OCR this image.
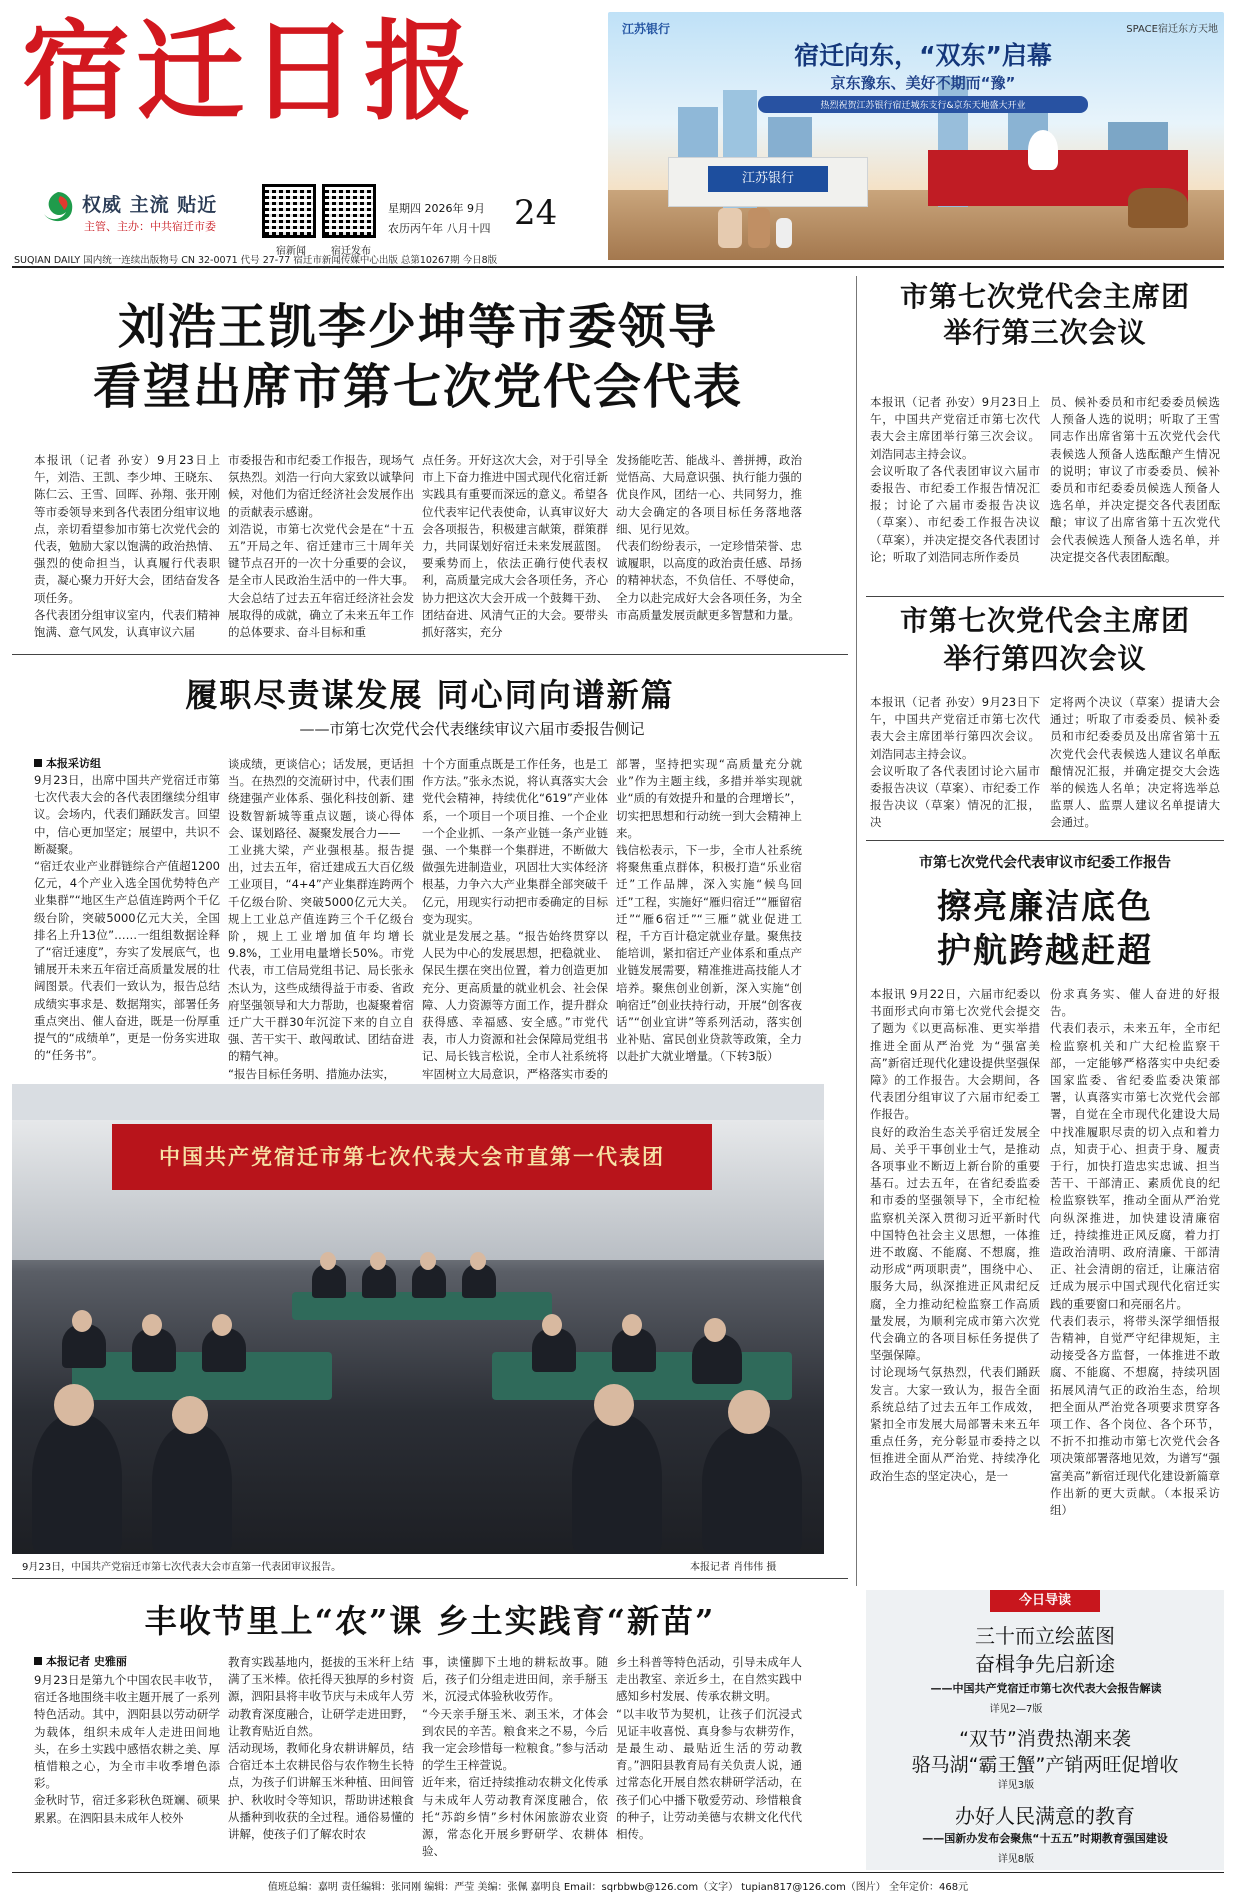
宿迁日报
权威 主流 贴近
主管、主办：中共宿迁市委
宿新闻	宿迁发布
星期四 2026年 9月
农历丙午年 八月十四 24
SUQIAN DAILY 国内统一连续出版物号 CN 32-0071 代号 27-77 宿迁市新闻传媒中心出版 总第10267期 今日8版
江苏银行
江苏银行	SPACE宿迁东方天地
宿迁向东，“双东”启幕
京东豫东、美好不期而“豫”
热烈祝贺江苏银行宿迁城东支行&京东天地盛大开业
刘浩王凯李少坤等市委领导
看望出席市第七次党代会代表
本报讯（记者 孙安）9月23日上午，刘浩、王凯、李少坤、王晓东、陈仁云、王雪、回晖、孙翔、张开刚等市委领导来到各代表团分组审议地点，亲切看望参加市第七次党代会的代表，勉励大家以饱满的政治热情、强烈的使命担当，认真履行代表职责，凝心聚力开好大会，团结奋发各项任务。
各代表团分组审议室内，代表们精神饱满、意气风发，认真审议六届
市委报告和市纪委工作报告，现场气氛热烈。刘浩一行向大家致以诚挚问候，对他们为宿迁经济社会发展作出的贡献表示感谢。
刘浩说，市第七次党代会是在“十五五”开局之年、宿迁建市三十周年关键节点召开的一次十分重要的会议，是全市人民政治生活中的一件大事。大会总结了过去五年宿迁经济社会发展取得的成就，确立了未来五年工作的总体要求、奋斗目标和重
点任务。开好这次大会，对于引导全市上下奋力推进中国式现代化宿迁新实践具有重要而深远的意义。希望各位代表牢记代表使命，认真审议好大会各项报告，积极建言献策，群策群力，共同谋划好宿迁未来发展蓝图。要乘势而上，依法正确行使代表权利，高质量完成大会各项任务，齐心协力把这次大会开成一个鼓舞干劲、团结奋进、风清气正的大会。要带头抓好落实，充分
发扬能吃苦、能战斗、善拼搏，政治觉悟高、大局意识强、执行能力强的优良作风，团结一心、共同努力，推动大会确定的各项目标任务落地落细、见行见效。
代表们纷纷表示，一定珍惜荣誉、忠诚履职，以高度的政治责任感、昂扬的精神状态，不负信任、不辱使命，全力以赴完成好大会各项任务，为全市高质量发展贡献更多智慧和力量。
市第七次党代会主席团
举行第三次会议
本报讯（记者 孙安）9月23日上午，中国共产党宿迁市第七次代表大会主席团举行第三次会议。刘浩同志主持会议。
会议听取了各代表团审议六届市委报告、市纪委工作报告情况汇报；讨论了六届市委报告决议（草案）、市纪委工作报告决议（草案），并决定提交各代表团讨论；听取了刘浩同志所作委员
员、候补委员和市纪委委员候选人预备人选的说明；听取了王雪同志作出席省第十五次党代会代表候选人预备人选酝酿产生情况的说明；审议了市委委员、候补委员和市纪委委员候选人预备人选名单，并决定提交各代表团酝酿；审议了出席省第十五次党代会代表候选人预备人选名单，并决定提交各代表团酝酿。
市第七次党代会主席团
举行第四次会议
本报讯（记者 孙安）9月23日下午，中国共产党宿迁市第七次代表大会主席团举行第四次会议。刘浩同志主持会议。
会议听取了各代表团讨论六届市委报告决议（草案）、市纪委工作报告决议（草案）情况的汇报，决
定将两个决议（草案）提请大会通过；听取了市委委员、候补委员和市纪委委员及出席省第十五次党代会代表候选人建议名单酝酿情况汇报，并确定提交大会选举的候选人名单；决定将选举总监票人、监票人建议名单提请大会通过。
市第七次党代会代表审议市纪委工作报告
擦亮廉洁底色
护航跨越赶超
本报讯 9月22日，六届市纪委以书面形式向市第七次党代会提交了题为《以更高标准、更实举措推进全面从严治党 为“强富美高”新宿迁现代化建设提供坚强保障》的工作报告。大会期间，各代表团分组审议了六届市纪委工作报告。
良好的政治生态关乎宿迁发展全局、关乎干事创业士气，是推动各项事业不断迈上新台阶的重要基石。过去五年，在省纪委监委和市委的坚强领导下，全市纪检监察机关深入贯彻习近平新时代中国特色社会主义思想，一体推进不敢腐、不能腐、不想腐，推动形成“两项职责”，围绕中心、服务大局，纵深推进正风肃纪反腐，全力推动纪检监察工作高质量发展，为顺利完成市第六次党代会确立的各项目标任务提供了坚强保障。
讨论现场气氛热烈，代表们踊跃发言。大家一致认为，报告全面系统总结了过去五年工作成效，紧扣全市发展大局部署未来五年重点任务，充分彰显市委持之以恒推进全面从严治党、持续净化政治生态的坚定决心，是一
份求真务实、催人奋进的好报告。
代表们表示，未来五年，全市纪检监察机关和广大纪检监察干部，一定能够严格落实中央纪委国家监委、省纪委监委决策部署，认真落实市第七次党代会部署，自觉在全市现代化建设大局中找准履职尽责的切入点和着力点，知责于心、担责于身、履责于行，加快打造忠实忠诚、担当苦干、干部清正、素质优良的纪检监察铁军，推动全面从严治党向纵深推进，加快建设清廉宿迁，持续推进正风反腐，着力打造政治清明、政府清廉、干部清正、社会清朗的宿迁，让廉洁宿迁成为展示中国式现代化宿迁实践的重要窗口和亮丽名片。
代表们表示，将带头深学细悟报告精神，自觉严守纪律规矩，主动接受各方监督，一体推进不敢腐、不能腐、不想腐，持续巩固拓展风清气正的政治生态，给坝把全面从严治党各项要求贯穿各项工作、各个岗位、各个环节，不折不扣推动市第七次党代会各项决策部署落地见效，为谱写“强富美高”新宿迁现代化建设新篇章作出新的更大贡献。（本报采访组）
履职尽责谋发展 同心同向谱新篇
——市第七次党代会代表继续审议六届市委报告侧记
本报采访组
9月23日，出席中国共产党宿迁市第七次代表大会的各代表团继续分组审议。会场内，代表们踊跃发言。回望中，信心更加坚定；展望中，共识不断凝聚。
“宿迁农业产业群链综合产值超1200亿元，4个产业入选全国优势特色产业集群”“地区生产总值连跨两个千亿级台阶，突破5000亿元大关，全国排名上升13位”……一组组数据诠释了“宿迁速度”，夯实了发展底气，也铺展开未来五年宿迁高质量发展的壮阔图景。代表们一致认为，报告总结成绩实事求是、数据翔实，部署任务重点突出、催人奋进，既是一份厚重提气的“成绩单”，更是一份务实进取的“任务书”。
谈成绩，更谈信心；话发展，更话担当。在热烈的交流研讨中，代表们围绕建强产业体系、强化科技创新、建设数智新城等重点议题，谈心得体会、谋划路径、凝聚发展合力——
工业挑大梁，产业强根基。报告提出，过去五年，宿迁建成五大百亿级工业项目，“4+4”产业集群连跨两个千亿级台阶、突破5000亿元大关。规上工业总产值连跨三个千亿级台阶，规上工业增加值年均增长9.8%，工业用电量增长50%。市党代表，市工信局党组书记、局长张永杰认为，这些成绩得益于市委、省政府坚强领导和大力帮助，也凝聚着宿迁广大干群30年沉淀下来的自立自强、苦干实干、敢闯敢试、团结奋进的精气神。
“报告目标任务明、措施办法实，
十个方面重点既是工作任务，也是工作方法。”张永杰说，将认真落实大会党代会精神，持续优化“619”产业体系，一个项目一个项目推、一个企业一个企业抓、一条产业链一条产业链强、一个集群一个集群进，不断做大做强先进制造业，巩固壮大实体经济根基，力争六大产业集群全部突破千亿元，用现实行动把市委确定的目标变为现实。
就业是发展之基。“报告始终贯穿以人民为中心的发展思想，把稳就业、保民生摆在突出位置，着力创造更加充分、更高质量的就业机会、社会保障、人力资源等方面工作，提升群众获得感、幸福感、安全感。”市党代表，市人力资源和社会保障局党组书记、局长钱言松说，全市人社系统将牢固树立大局意识，严格落实市委的
部署，坚持把实现“高质量充分就业”作为主题主线，多措并举实现就业“质的有效提升和量的合理增长”，切实把思想和行动统一到大会精神上来。
钱信松表示，下一步，全市人社系统将聚焦重点群体，积极打造“乐业宿迁”工作品牌，深入实施“候鸟回迁”工程，实施好“雁归宿迁”“雁留宿迁”“雁6宿迁”“三雁”就业促进工程，千方百计稳定就业存量。聚焦技能培训，紧扣宿迁产业体系和重点产业链发展需要，精准推进高技能人才培养。聚焦创业创新，深入实施“创响宿迁”创业扶持行动，开展“创客夜话”“创业宜讲”等系列活动，落实创业补贴、富民创业贷款等政策，全力以赴扩大就业增量。（下转3版）
中国共产党宿迁市第七次代表大会市直第一代表团
9月23日，中国共产党宿迁市第七次代表大会市直第一代表团审议报告。	本报记者 肖伟伟 摄
今日导读
三十而立绘蓝图
奋楫争先启新途
——中国共产党宿迁市第七次代表大会报告解读
详见2—7版
“双节”消费热潮来袭
骆马湖“霸王蟹”产销两旺促增收
详见3版
办好人民满意的教育
——国新办发布会聚焦“十五五”时期教育强国建设
详见8版
丰收节里上“农”课 乡土实践育“新苗”
本报记者 史雅丽
9月23日是第九个中国农民丰收节，宿迁各地围绕丰收主题开展了一系列特色活动。其中，泗阳县以劳动研学为载体，组织未成年人走进田间地头，在乡土实践中感悟农耕之美、厚植惜粮之心，为全市丰收季增色添彩。
金秋时节，宿迁多彩秋色斑斓、硕果累累。在泗阳县未成年人校外
教育实践基地内，挺拔的玉米秆上结满了玉米棒。依托得天独厚的乡村资源，泗阳县将丰收节庆与未成年人劳动教育深度融合，让研学走进田野，让教育贴近自然。
活动现场，教师化身农耕讲解员，结合宿迁本土农耕民俗与农作物生长特点，为孩子们讲解玉米种植、田间管护、秋收时令等知识，帮助讲述粮食从播种到收获的全过程。通俗易懂的讲解，使孩子们了解农时农
事，读懂脚下土地的耕耘故事。随后，孩子们分组走进田间，亲手掰玉米，沉浸式体验秋收劳作。
“今天亲手掰玉米、剥玉米，才体会到农民的辛苦。粮食来之不易，今后我一定会珍惜每一粒粮食。”参与活动的学生王梓萱说。
近年来，宿迁持续推动农耕文化传承与未成年人劳动教育深度融合，依托“苏韵乡情”乡村休闲旅游农业资源，常态化开展乡野研学、农耕体验、
乡土科普等特色活动，引导未成年人走出教室、亲近乡土，在自然实践中感知乡村发展、传承农耕文明。
“以丰收节为契机，让孩子们沉浸式见证丰收喜悦、真身参与农耕劳作，是最生动、最贴近生活的劳动教育。”泗阳县教育局有关负责人说，通过常态化开展自然农耕研学活动，在孩子们心中播下敬爱劳动、珍惜粮食的种子，让劳动美德与农耕文化代代相传。
值班总编：嘉明 责任编辑：张同刚 编辑：严莹 美编：张佩 嘉明良 Email：sqrbbwb@126.com（文字） tupian817@126.com（图片） 全年定价：468元
